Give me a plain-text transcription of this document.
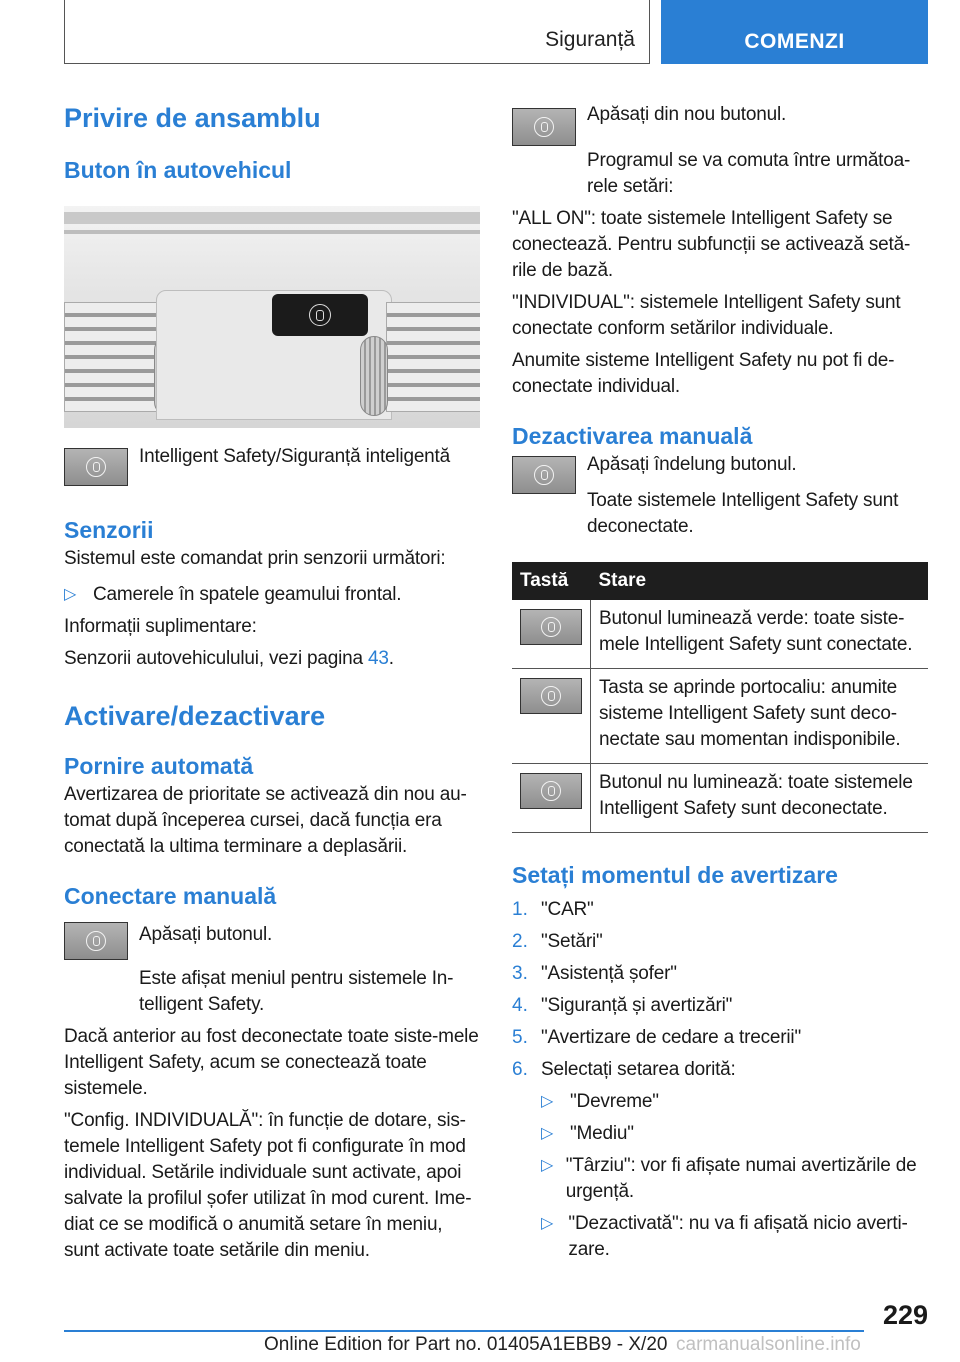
Siguranță	COMENZI
Privire de ansamblu
Buton în autovehicul

Intelligent Safety/Siguranță inteligentă

Senzorii

Sistemul este comandat prin senzorii următori:

▷ Camerele în spatele geamului frontal.

Informații suplimentare:

Senzorii autovehiculului, vezi pagina 43.

Activare/dezactivare
Pornire automată

Avertizarea de prioritate se activează din nou au-tomat după începerea cursei, dacă funcția era conectată la ultima terminare a deplasării.

Conectare manuală

Apăsați butonul.

Este afișat meniul pentru sistemele In-telligent Safety.

Dacă anterior au fost deconectate toate siste-mele Intelligent Safety, acum se conectează toate sistemele.

"Config. INDIVIDUALĂ": în funcție de dotare, sis-temele Intelligent Safety pot fi configurate în mod individual. Setările individuale sunt activate, apoi salvate la profilul șofer utilizat în mod curent. Ime-diat ce se modifică o anumită setare în meniu, sunt activate toate setările din meniu.

Apăsați din nou butonul.

Programul se va comuta între următoa-rele setări:

"ALL ON": toate sistemele Intelligent Safety se conectează. Pentru subfuncții se activează setă-rile de bază.

"INDIVIDUAL": sistemele Intelligent Safety sunt conectate conform setărilor individuale.

Anumite sisteme Intelligent Safety nu pot fi de-conectate individual.

Dezactivarea manuală

Apăsați îndelung butonul.

Toate sistemele Intelligent Safety sunt deconectate.

Tastă	Stare

	Butonul luminează verde: toate siste-mele Intelligent Safety sunt conectate.

	Tasta se aprinde portocaliu: anumite sisteme Intelligent Safety sunt deco-nectate sau momentan indisponibile.

	Butonul nu luminează: toate sistemele Intelligent Safety sunt deconectate.
Setați momentul de avertizare
1. "CAR"

2. "Setări"

3. "Asistență șofer"

4. "Siguranță și avertizări"

5. "Avertizare de cedare a trecerii"

6. Selectați setarea dorită:

▷ "Devreme"

▷ "Mediu"

▷ "Târziu": vor fi afișate numai avertizările de urgență.

▷ "Dezactivată": nu va fi afișată nicio averti-zare.

229
Online Edition for Part no. 01405A1EBB9 - X/20 carmanualsonline.info
